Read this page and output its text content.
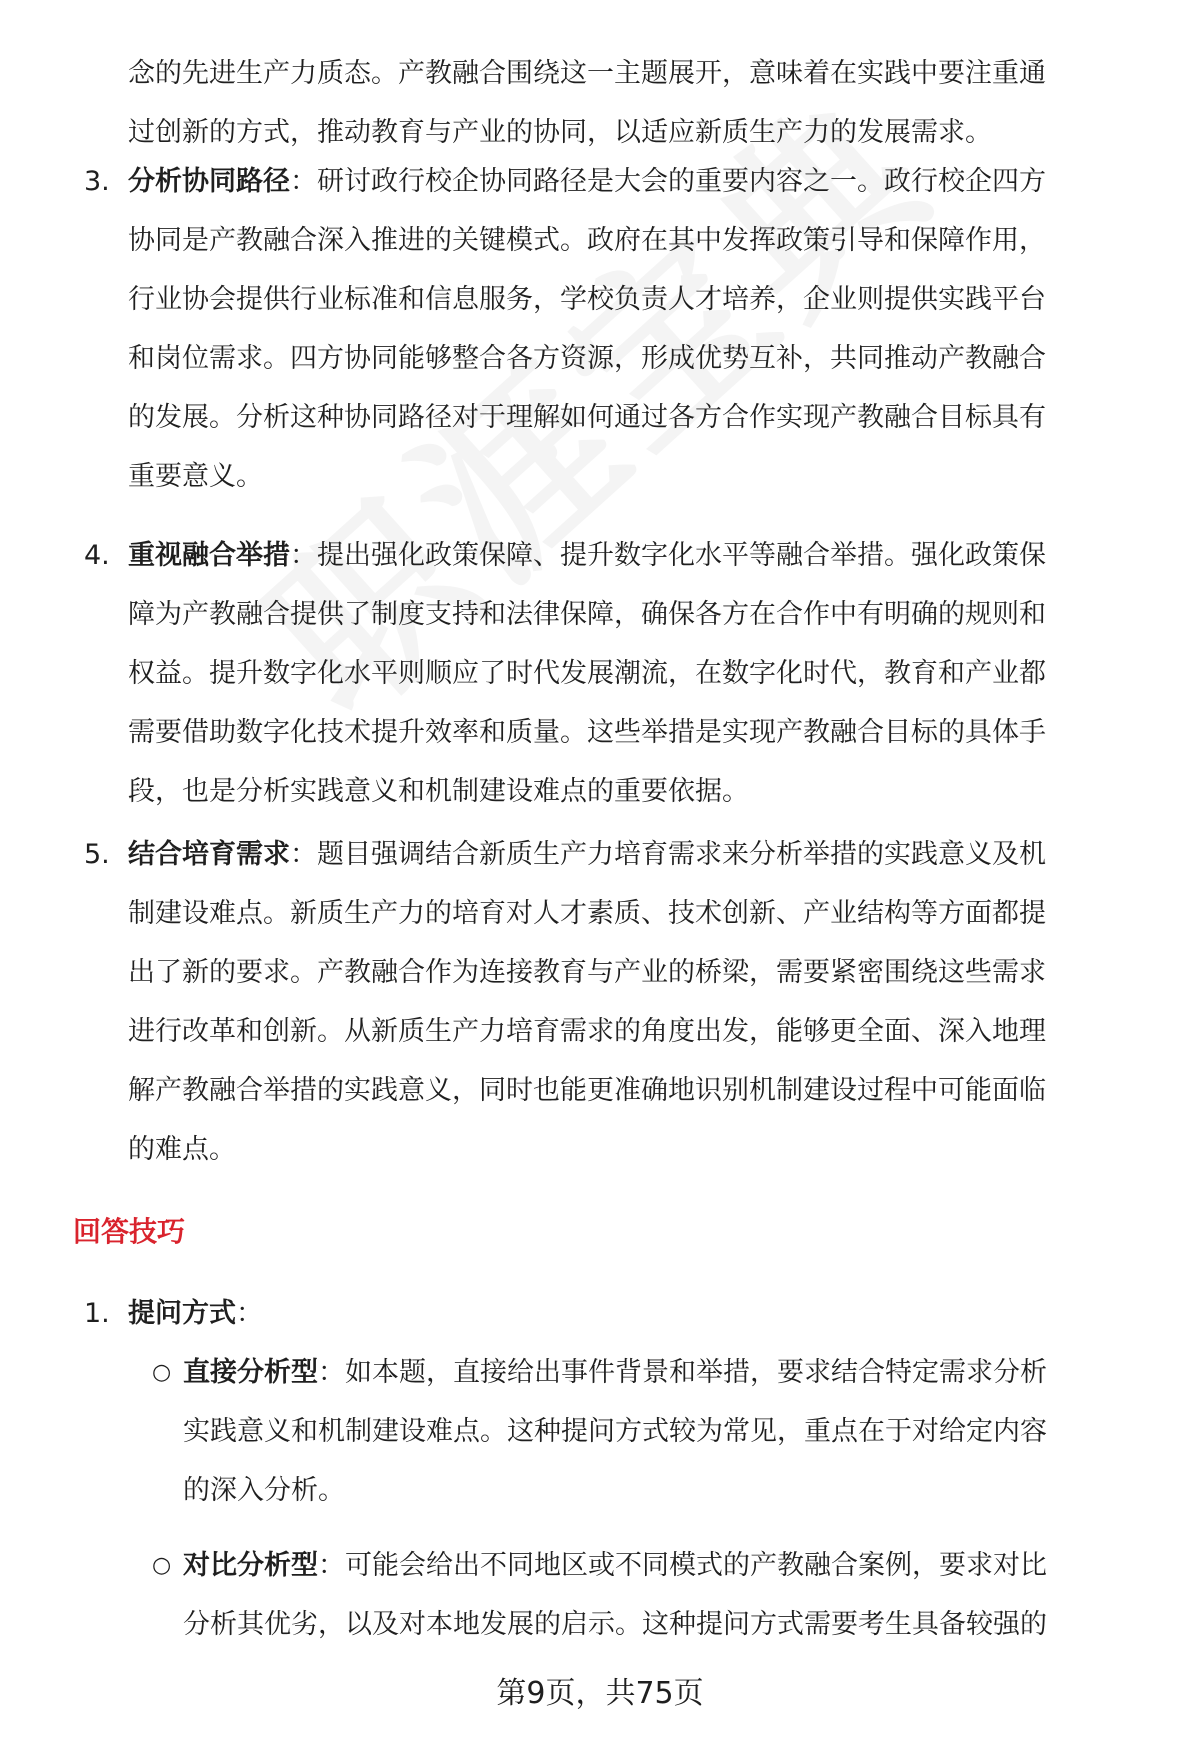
念的先进生产力质态。产教融合围绕这一主题展开，意味着在实践中要注重通
过创新的方式，推动教育与产业的协同，以适应新质生产力的发展需求。

3. 分析协同路径：研讨政行校企协同路径是大会的重要内容之一。政行校企四方
协同是产教融合深入推进的关键模式。政府在其中发挥政策引导和保障作用，
行业协会提供行业标准和信息服务，学校负责人才培养，企业则提供实践平台
和岗位需求。四方协同能够整合各方资源，形成优势互补，共同推动产教融合
的发展。分析这种协同路径对于理解如何通过各方合作实现产教融合目标具有
重要意义。

4. 重视融合举措：提出强化政策保障、提升数字化水平等融合举措。强化政策保
障为产教融合提供了制度支持和法律保障，确保各方在合作中有明确的规则和
权益。提升数字化水平则顺应了时代发展潮流，在数字化时代，教育和产业都
需要借助数字化技术提升效率和质量。这些举措是实现产教融合目标的具体手
段，也是分析实践意义和机制建设难点的重要依据。

5. 结合培育需求：题目强调结合新质生产力培育需求来分析举措的实践意义及机
制建设难点。新质生产力的培育对人才素质、技术创新、产业结构等方面都提
出了新的要求。产教融合作为连接教育与产业的桥梁，需要紧密围绕这些需求
进行改革和创新。从新质生产力培育需求的角度出发，能够更全面、深入地理
解产教融合举措的实践意义，同时也能更准确地识别机制建设过程中可能面临
的难点。

回答技巧
1. 提问方式：

○ 直接分析型：如本题，直接给出事件背景和举措，要求结合特定需求分析
实践意义和机制建设难点。这种提问方式较为常见，重点在于对给定内容
的深入分析。

○ 对比分析型：可能会给出不同地区或不同模式的产教融合案例，要求对比
分析其优劣，以及对本地发展的启示。这种提问方式需要考生具备较强的

第9页，共75页
